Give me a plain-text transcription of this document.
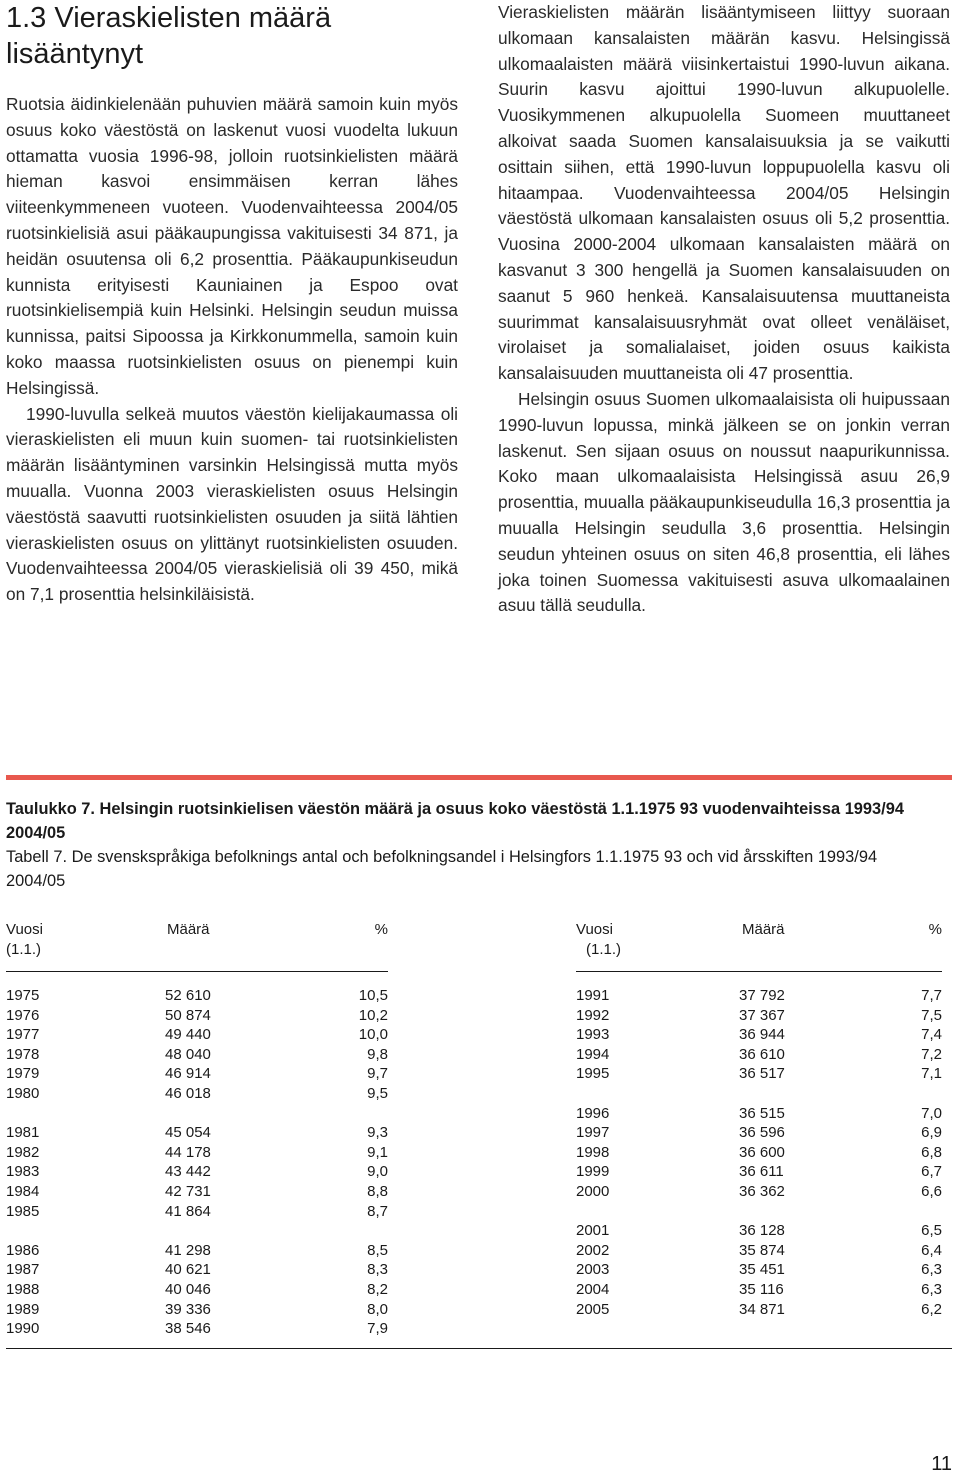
1.3 Vieraskielisten määrä lisääntynyt

Ruotsia äidinkielenään puhuvien määrä samoin kuin myös osuus koko väestöstä on laskenut vuosi vuodelta lukuun ottamatta vuosia 1996-98, jolloin ruotsinkielisten määrä hieman kasvoi ensimmäisen kerran lähes viiteenkymmeneen vuoteen. Vuodenvaihteessa 2004/05 ruotsinkielisiä asui pääkaupungissa vakituisesti 34 871, ja heidän osuutensa oli 6,2 prosenttia. Pääkaupunkiseudun kunnista erityisesti Kauniainen ja Espoo ovat ruotsinkielisempiä kuin Helsinki. Helsingin seudun muissa kunnissa, paitsi Sipoossa ja Kirkkonummella, samoin kuin koko maassa ruotsinkielisten osuus on pienempi kuin Helsingissä.

1990-luvulla selkeä muutos väestön kielijakaumassa oli vieraskielisten eli muun kuin suomen- tai ruotsinkielisten määrän lisääntyminen varsinkin Helsingissä mutta myös muualla. Vuonna 2003 vieraskielisten osuus Helsingin väestöstä saavutti ruotsinkielisten osuuden ja siitä lähtien vieraskielisten osuus on ylittänyt ruotsinkielisten osuuden. Vuodenvaihteessa 2004/05 vieraskielisiä oli 39 450, mikä on 7,1 prosenttia helsinkiläisistä.

Vieraskielisten määrän lisääntymiseen liittyy suoraan ulkomaan kansalaisten määrän kasvu. Helsingissä ulkomaalaisten määrä viisinkertaistui 1990-luvun aikana. Suurin kasvu ajoittui 1990-luvun alkupuolelle. Vuosikymmenen alkupuolella Suomeen muuttaneet alkoivat saada Suomen kansalaisuuksia ja se vaikutti osittain siihen, että 1990-luvun loppupuolella kasvu oli hitaampaa. Vuodenvaihteessa 2004/05 Helsingin väestöstä ulkomaan kansalaisten osuus oli 5,2 prosenttia. Vuosina 2000-2004 ulkomaan kansalaisten määrä on kasvanut 3 300 hengellä ja Suomen kansalaisuuden on saanut 5 960 henkeä. Kansalaisuutensa muuttaneista suurimmat kansalaisuusryhmät ovat olleet venäläiset, virolaiset ja somalialaiset, joiden osuus kaikista kansalaisuuden muuttaneista oli 47 prosenttia.

Helsingin osuus Suomen ulkomaalaisista oli huipussaan 1990-luvun lopussa, minkä jälkeen se on jonkin verran laskenut. Sen sijaan osuus on noussut naapurikunnissa. Koko maan ulkomaalaisista Helsingissä asuu 26,9 prosenttia, muualla pääkaupunkiseudulla 16,3 prosenttia ja muualla Helsingin seudulla 3,6 prosenttia. Helsingin seudun yhteinen osuus on siten 46,8 prosenttia, eli lähes joka toinen Suomessa vakituisesti asuva ulkomaalainen asuu tällä seudulla.

Taulukko 7. Helsingin ruotsinkielisen väestön määrä ja osuus koko väestöstä 1.1.1975 93 vuodenvaihteissa 1993/94 2004/05
Tabell 7. De svenskspråkiga befolknings antal och befolkningsandel i Helsingfors 1.1.1975 93 och vid årsskiften 1993/94 2004/05
Vuosi
(1.1.)
Määrä	%
1975	52 610	10,5
1976	50 874	10,2
1977	49 440	10,0
1978	48 040	9,8
1979	46 914	9,7
1980	46 018	9,5
1981	45 054	9,3
1982	44 178	9,1
1983	43 442	9,0
1984	42 731	8,8
1985	41 864	8,7
1986	41 298	8,5
1987	40 621	8,3
1988	40 046	8,2
1989	39 336	8,0
1990	38 546	7,9
Vuosi
(1.1.)
Määrä	%
1991	37 792	7,7
1992	37 367	7,5
1993	36 944	7,4
1994	36 610	7,2
1995	36 517	7,1
1996	36 515	7,0
1997	36 596	6,9
1998	36 600	6,8
1999	36 611	6,7
2000	36 362	6,6
2001	36 128	6,5
2002	35 874	6,4
2003	35 451	6,3
2004	35 116	6,3
2005	34 871	6,2
11
